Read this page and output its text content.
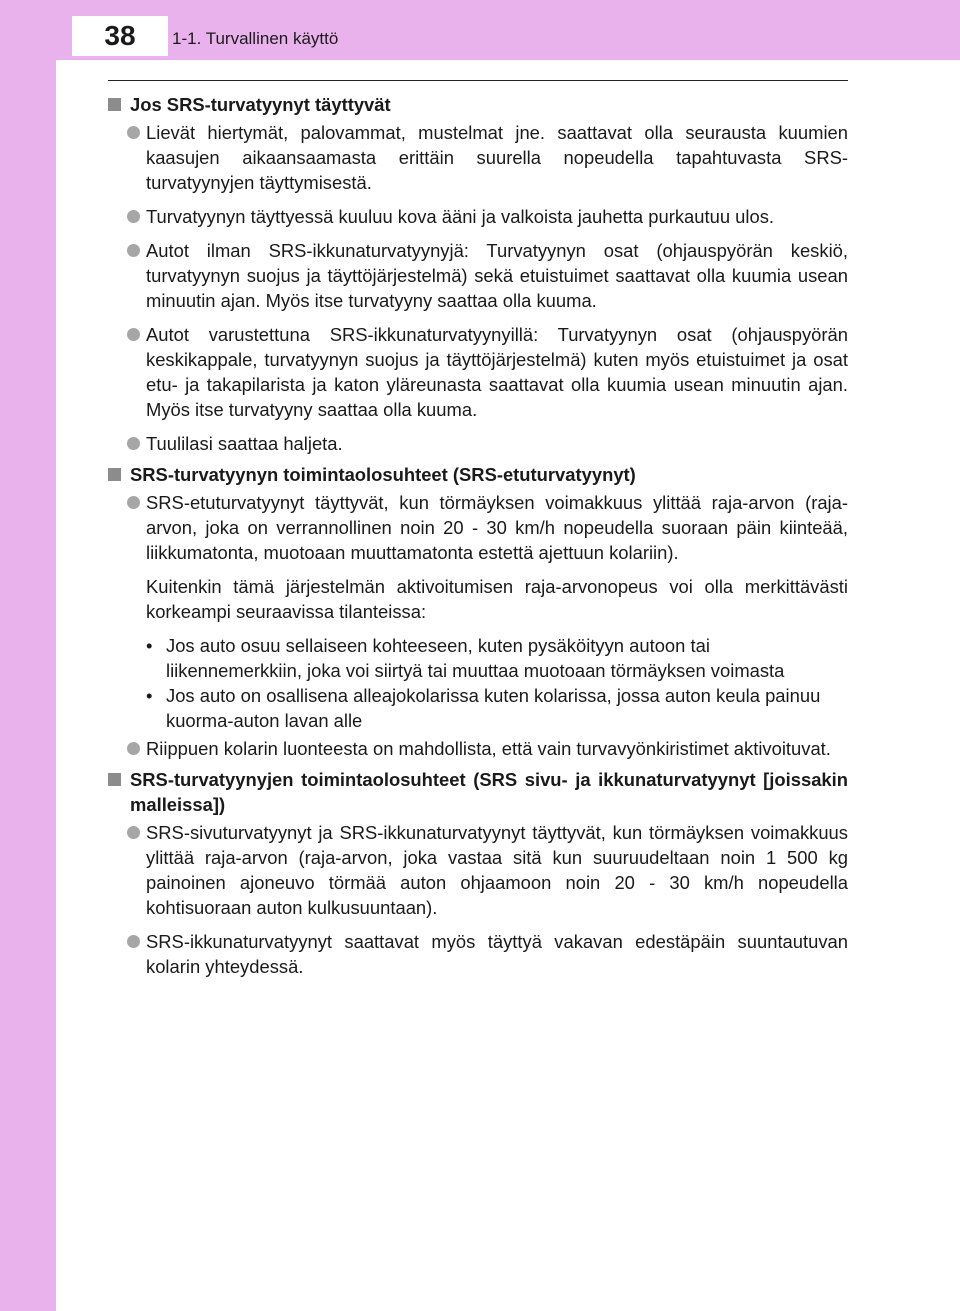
38	1-1. Turvallinen käyttö
Jos SRS-turvatyynyt täyttyvät
Lievät hiertymät, palovammat, mustelmat jne. saattavat olla seurausta kuumien kaasujen aikaansaamasta erittäin suurella nopeudella tapahtuvasta SRS-turvatyynyjen täyttymisestä.
Turvatyynyn täyttyessä kuuluu kova ääni ja valkoista jauhetta purkautuu ulos.
Autot ilman SRS-ikkunaturvatyynyjä: Turvatyynyn osat (ohjauspyörän keskiö, turvatyynyn suojus ja täyttöjärjestelmä) sekä etuistuimet saattavat olla kuumia usean minuutin ajan. Myös itse turvatyyny saattaa olla kuuma.
Autot varustettuna SRS-ikkunaturvatyynyillä: Turvatyynyn osat (ohjauspyörän keskikappale, turvatyynyn suojus ja täyttöjärjestelmä) kuten myös etuistuimet ja osat etu- ja takapilarista ja katon yläreunasta saattavat olla kuumia usean minuutin ajan. Myös itse turvatyyny saattaa olla kuuma.
Tuulilasi saattaa haljeta.
SRS-turvatyynyn toimintaolosuhteet (SRS-etuturvatyynyt)
SRS-etuturvatyynyt täyttyvät, kun törmäyksen voimakkuus ylittää raja-arvon (raja-arvon, joka on verrannollinen noin 20 - 30 km/h nopeudella suoraan päin kiinteää, liikkumatonta, muotoaan muuttamatonta estettä ajettuun kolariin).
Kuitenkin tämä järjestelmän aktivoitumisen raja-arvonopeus voi olla merkittävästi korkeampi seuraavissa tilanteissa:
• Jos auto osuu sellaiseen kohteeseen, kuten pysäköityyn autoon tai liikennemerkkiin, joka voi siirtyä tai muuttaa muotoaan törmäyksen voimasta
• Jos auto on osallisena alleajokolarissa kuten kolarissa, jossa auton keula painuu kuorma-auton lavan alle
Riippuen kolarin luonteesta on mahdollista, että vain turvavyönkiristimet aktivoituvat.
SRS-turvatyynyjen toimintaolosuhteet (SRS sivu- ja ikkunaturvatyynyt [joissakin malleissa])
SRS-sivuturvatyynyt ja SRS-ikkunaturvatyynyt täyttyvät, kun törmäyksen voimakkuus ylittää raja-arvon (raja-arvon, joka vastaa sitä kun suuruudeltaan noin 1 500 kg painoinen ajoneuvo törmää auton ohjaamoon noin 20 - 30 km/h nopeudella kohtisuoraan auton kulkusuuntaan).
SRS-ikkunaturvatyynyt saattavat myös täyttyä vakavan edestäpäin suuntautuvan kolarin yhteydessä.
